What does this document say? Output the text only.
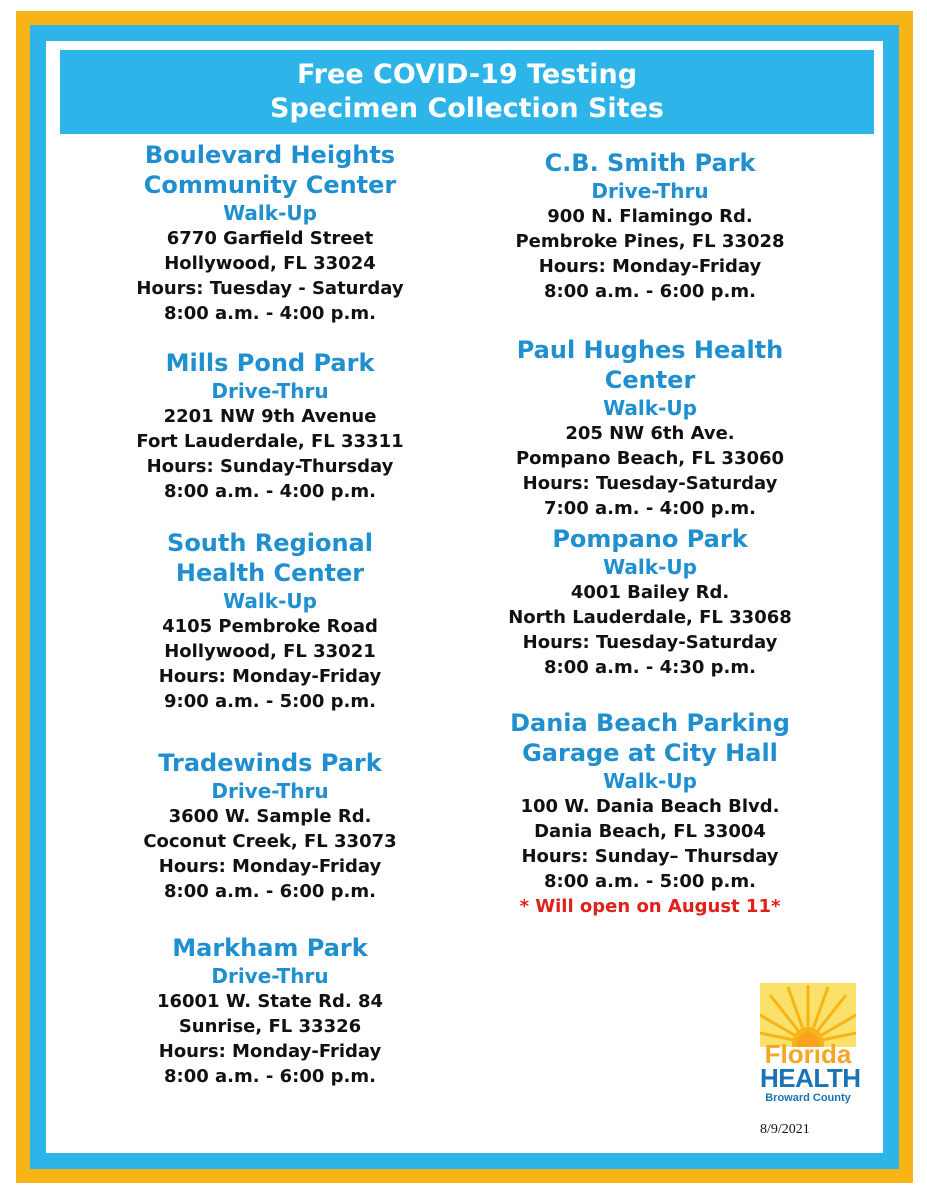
Free COVID-19 Testing
Specimen Collection Sites
Boulevard Heights
Community Center
Walk-Up
6770 Garfield Street
Hollywood, FL 33024
Hours: Tuesday - Saturday
8:00 a.m. - 4:00 p.m.
Mills Pond Park
Drive-Thru
2201 NW 9th Avenue
Fort Lauderdale, FL 33311
Hours: Sunday-Thursday
8:00 a.m. - 4:00 p.m.
South Regional
Health Center
Walk-Up
4105 Pembroke Road
Hollywood, FL 33021
Hours: Monday-Friday
9:00 a.m. - 5:00 p.m.
Tradewinds Park
Drive-Thru
3600 W. Sample Rd.
Coconut Creek, FL 33073
Hours: Monday-Friday
8:00 a.m. - 6:00 p.m.
Markham Park
Drive-Thru
16001 W. State Rd. 84
Sunrise, FL 33326
Hours: Monday-Friday
8:00 a.m. - 6:00 p.m.
C.B. Smith Park
Drive-Thru
900 N. Flamingo Rd.
Pembroke Pines, FL 33028
Hours: Monday-Friday
8:00 a.m. - 6:00 p.m.
Paul Hughes Health Center
Walk-Up
205 NW 6th Ave.
Pompano Beach, FL 33060
Hours: Tuesday-Saturday
7:00 a.m. - 4:00 p.m.
Pompano Park
Walk-Up
4001 Bailey Rd.
North Lauderdale, FL 33068
Hours: Tuesday-Saturday
8:00 a.m. - 4:30 p.m.
Dania Beach Parking
Garage at City Hall
Walk-Up
100 W. Dania Beach Blvd.
Dania Beach, FL 33004
Hours: Sunday– Thursday
8:00 a.m. - 5:00 p.m.
* Will open on August 11*
Florida
HEALTH
Broward County
8/9/2021
